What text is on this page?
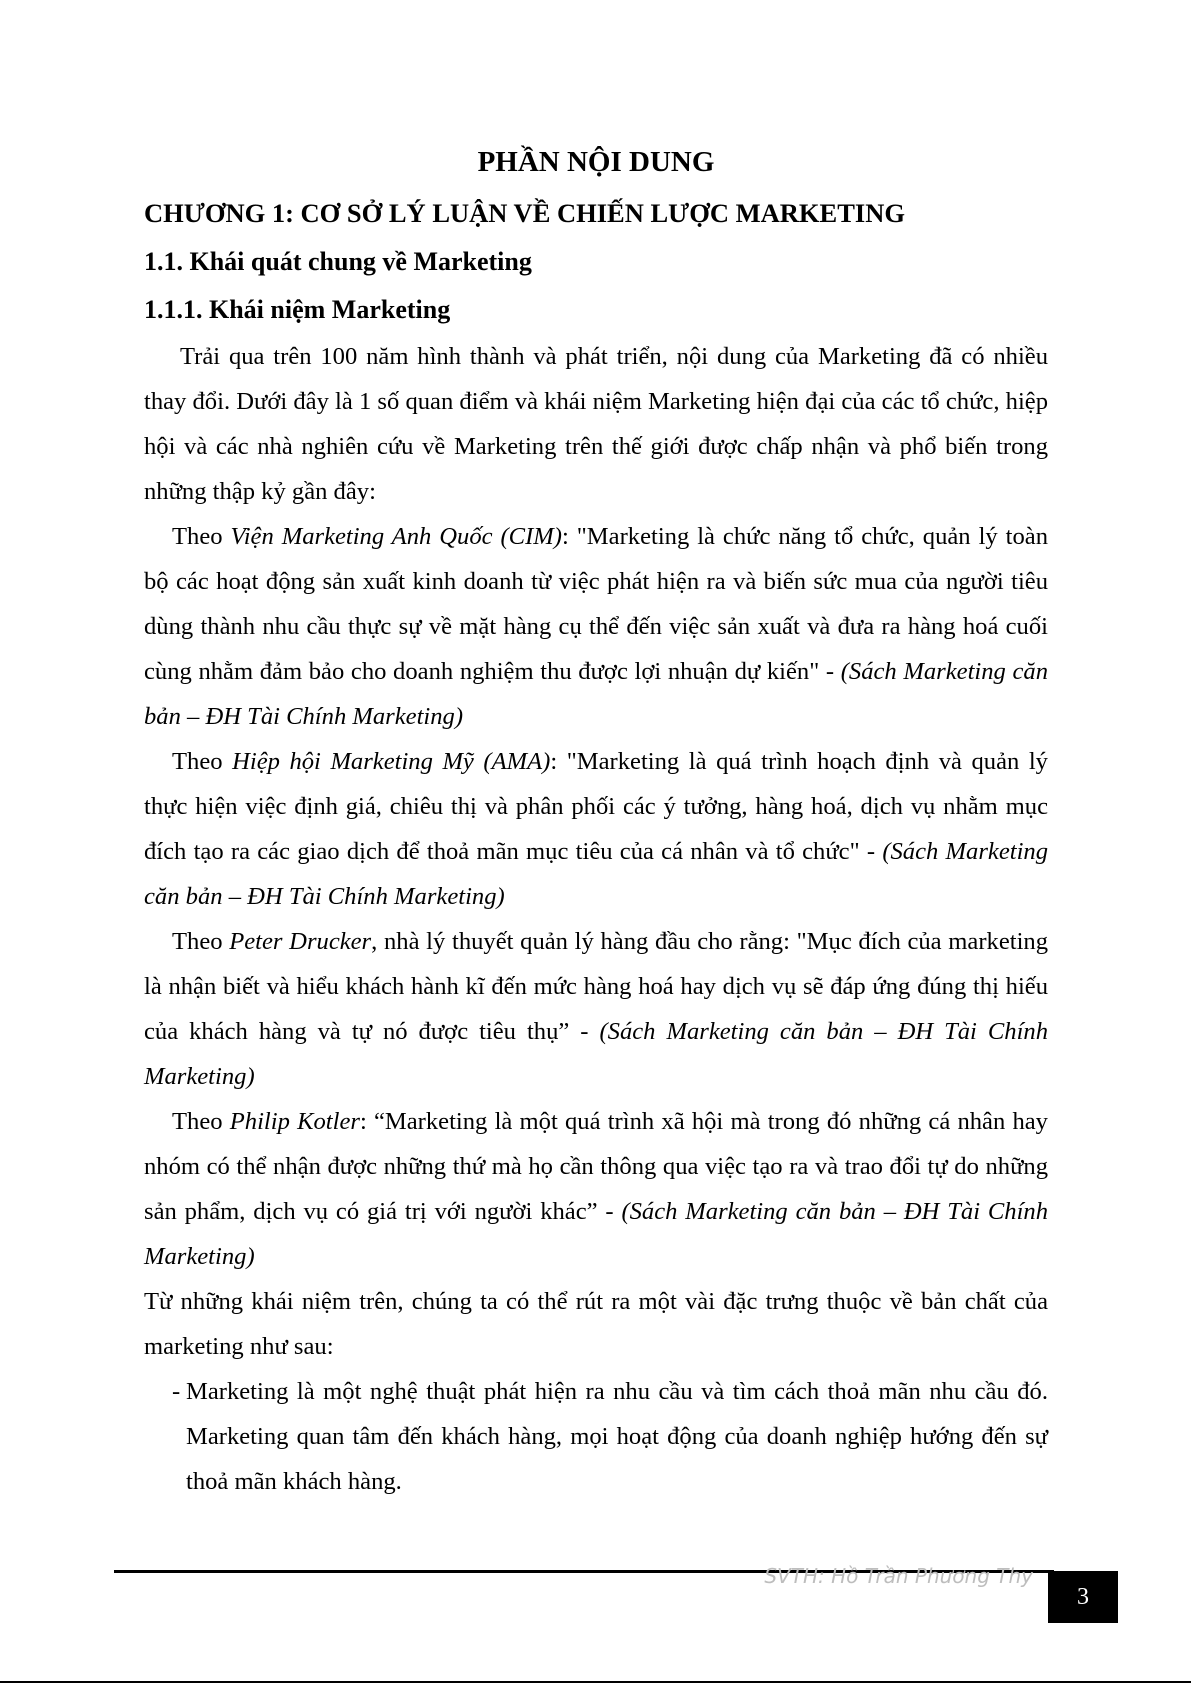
PHẦN NỘI DUNG
CHƯƠNG 1: CƠ SỞ LÝ LUẬN VỀ CHIẾN LƯỢC MARKETING
1.1. Khái quát chung về Marketing
1.1.1. Khái niệm Marketing

Trải qua trên 100 năm hình thành và phát triển, nội dung của Marketing đã có nhiều thay đổi. Dưới đây là 1 số quan điểm và khái niệm Marketing hiện đại của các tổ chức, hiệp hội và các nhà nghiên cứu về Marketing trên thế giới được chấp nhận và phổ biến trong những thập kỷ gần đây:

Theo Viện Marketing Anh Quốc (CIM): "Marketing là chức năng tổ chức, quản lý toàn bộ các hoạt động sản xuất kinh doanh từ việc phát hiện ra và biến sức mua của người tiêu dùng thành nhu cầu thực sự về mặt hàng cụ thể đến việc sản xuất và đưa ra hàng hoá cuối cùng nhằm đảm bảo cho doanh nghiệm thu được lợi nhuận dự kiến" - (Sách Marketing căn bản – ĐH Tài Chính Marketing)

Theo Hiệp hội Marketing Mỹ (AMA): "Marketing là quá trình hoạch định và quản lý thực hiện việc định giá, chiêu thị và phân phối các ý tưởng, hàng hoá, dịch vụ nhằm mục đích tạo ra các giao dịch để thoả mãn mục tiêu của cá nhân và tổ chức" - (Sách Marketing căn bản – ĐH Tài Chính Marketing)

Theo Peter Drucker, nhà lý thuyết quản lý hàng đầu cho rằng: "Mục đích của marketing là nhận biết và hiểu khách hành kĩ đến mức hàng hoá hay dịch vụ sẽ đáp ứng đúng thị hiếu của khách hàng và tự nó được tiêu thụ” - (Sách Marketing căn bản – ĐH Tài Chính Marketing)

Theo Philip Kotler: “Marketing là một quá trình xã hội mà trong đó những cá nhân hay nhóm có thể nhận được những thứ mà họ cần thông qua việc tạo ra và trao đổi tự do những sản phẩm, dịch vụ có giá trị với người khác” - (Sách Marketing căn bản – ĐH Tài Chính Marketing)

Từ những khái niệm trên, chúng ta có thể rút ra một vài đặc trưng thuộc về bản chất của marketing như sau:

- Marketing là một nghệ thuật phát hiện ra nhu cầu và tìm cách thoả mãn nhu cầu đó. Marketing quan tâm đến khách hàng, mọi hoạt động của doanh nghiệp hướng đến sự thoả mãn khách hàng.
SVTH: Hồ Trần Phương Thy
3
